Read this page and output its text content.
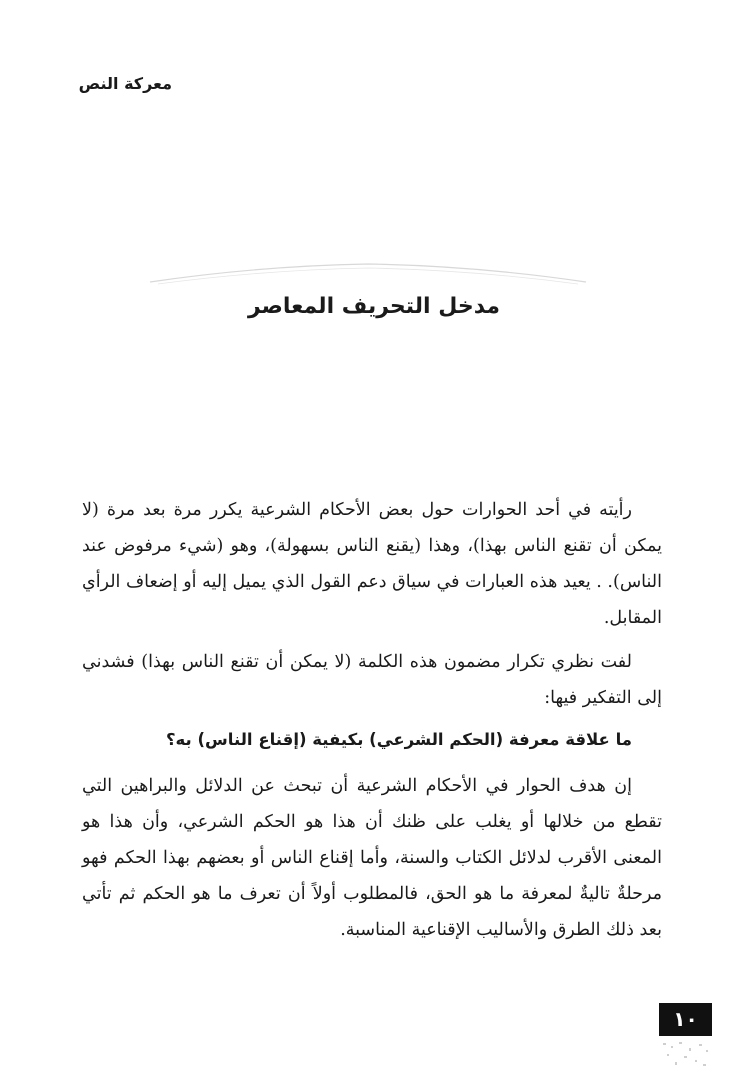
معركة النص
مدخل التحريف المعاصر

رأيته في أحد الحوارات حول بعض الأحكام الشرعية يكرر مرة بعد مرة (لا يمكن أن تقنع الناس بهذا)، وهذا (يقنع الناس بسهولة)، وهو (شيء مرفوض عند الناس). . يعيد هذه العبارات في سياق دعم القول الذي يميل إليه أو إضعاف الرأي المقابل.

لفت نظري تكرار مضمون هذه الكلمة (لا يمكن أن تقنع الناس بهذا) فشدني إلى التفكير فيها:

ما علاقة معرفة (الحكم الشرعي) بكيفية (إقناع الناس) به؟

إن هدف الحوار في الأحكام الشرعية أن تبحث عن الدلائل والبراهين التي تقطع من خلالها أو يغلب على ظنك أن هذا هو الحكم الشرعي، وأن هذا هو المعنى الأقرب لدلائل الكتاب والسنة، وأما إقناع الناس أو بعضهم بهذا الحكم فهو مرحلةٌ تاليةٌ لمعرفة ما هو الحق، فالمطلوب أولاً أن تعرف ما هو الحكم ثم تأتي بعد ذلك الطرق والأساليب الإقناعية المناسبة.

١٠
